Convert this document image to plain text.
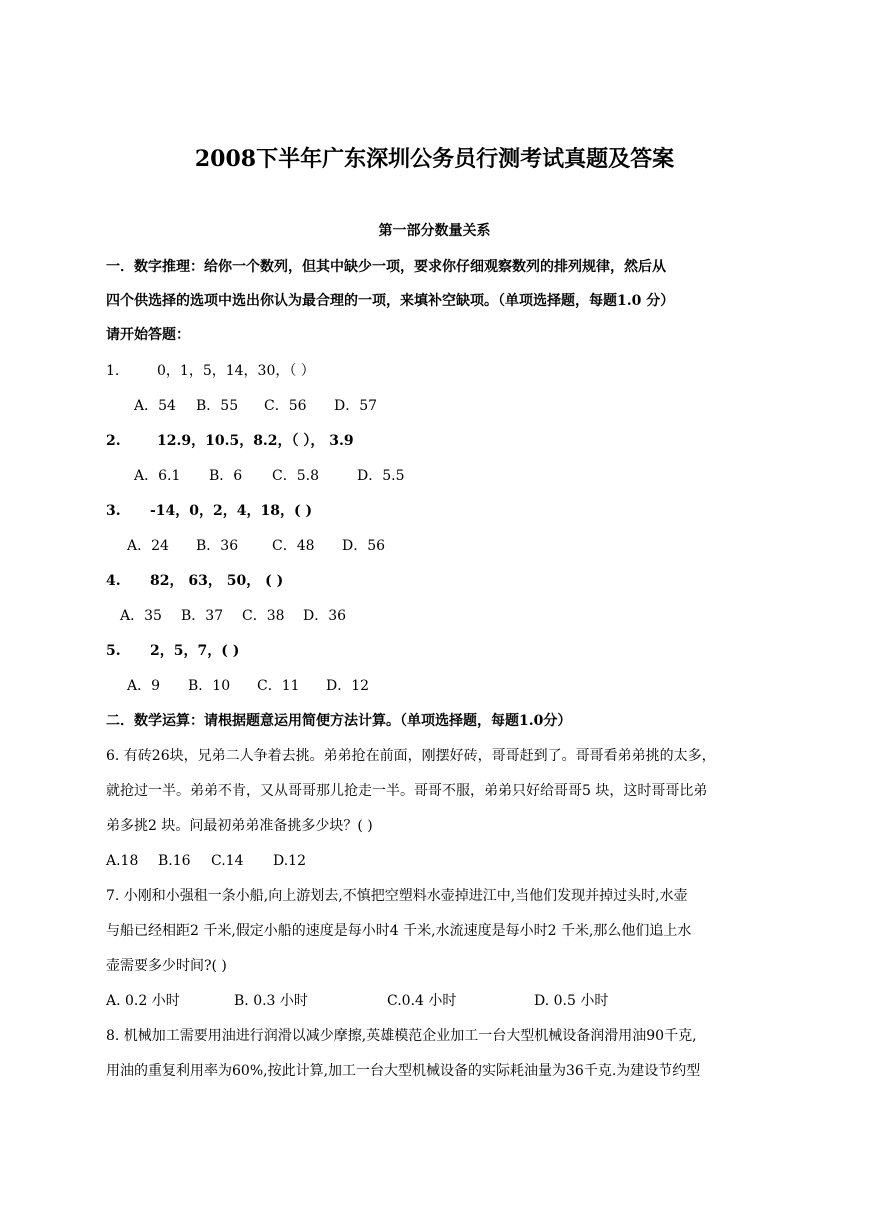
2008下半年广东深圳公务员行测考试真题及答案
第一部分数量关系
一．数字推理：给你一个数列，但其中缺少一项，要求你仔细观察数列的排列规律，然后从
四个供选择的选项中选出你认为最合理的一项，来填补空缺项。（单项选择题，每题1.0 分）
请开始答题：
1.	0，1，5，14，30，（ ）
A．54 B．55 C．56 D．57
2.	12.9，10.5，8.2，（ ）， 3.9
A．6.1 B．6 C．5.8	D．5.5
3. -14，0，2，4，18，( )
A．24 B．36 C．48 D．56
4. 82， 63， 50， ( )
A．35 B．37 C．38 D．36
5. 2，5，7，( )
A．9 B．10 C．11 D．12
二．数学运算：请根据题意运用简便方法计算。（单项选择题，每题1.0分）
6. 有砖26块，兄弟二人争着去挑。弟弟抢在前面，刚摆好砖，哥哥赶到了。哥哥看弟弟挑的太多，
就抢过一半。弟弟不肯，又从哥哥那儿抢走一半。哥哥不服，弟弟只好给哥哥5 块，这时哥哥比弟
弟多挑2 块。问最初弟弟准备挑多少块？( )
A.18 B.16 C.14 D.12
7. 小刚和小强租一条小船,向上游划去,不慎把空塑料水壶掉进江中,当他们发现并掉过头时,水壶
与船已经相距2 千米,假定小船的速度是每小时4 千米,水流速度是每小时2 千米,那么他们追上水
壶需要多少时间?( )
A. 0.2 小时	B. 0.3 小时	C.0.4 小时	D. 0.5 小时
8. 机械加工需要用油进行润滑以减少摩擦,英雄模范企业加工一台大型机械设备润滑用油90千克,
用油的重复利用率为60%,按此计算,加工一台大型机械设备的实际耗油量为36千克.为建设节约型
